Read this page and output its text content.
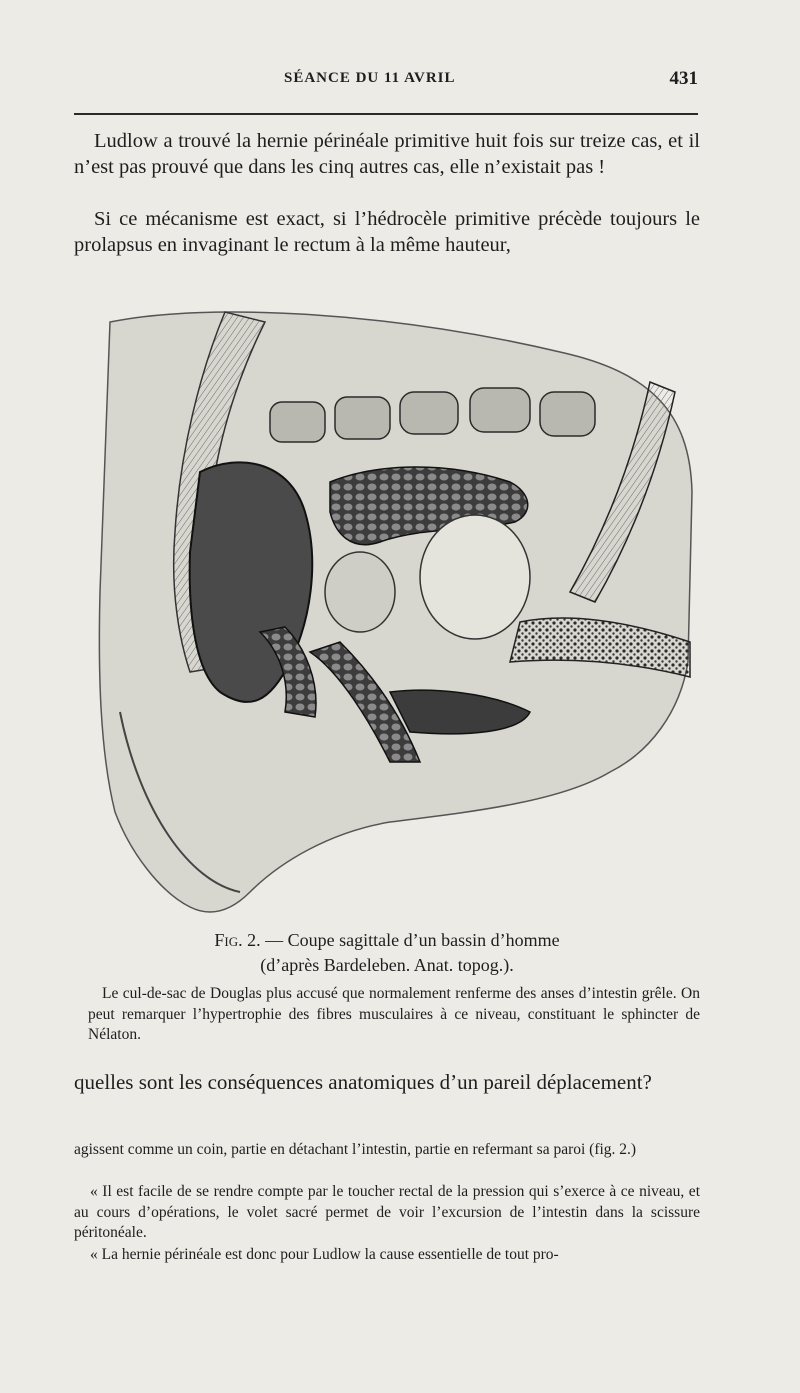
SÉANCE DU 11 AVRIL	431

Ludlow a trouvé la hernie périnéale primitive huit fois sur treize cas, et il n’est pas prouvé que dans les cinq autres cas, elle n’existait pas !

Si ce mécanisme est exact, si l’hédrocèle primitive précède toujours le prolapsus en invaginant le rectum à la même hauteur,

Fig. 2. — Coupe sagittale d’un bassin d’homme
(d’après Bardeleben. Anat. topog.).

Le cul-de-sac de Douglas plus accusé que normalement renferme des anses d’intestin grêle. On peut remarquer l’hypertrophie des fibres musculaires à ce niveau, constituant le sphincter de Nélaton.

quelles sont les conséquences anatomiques d’un pareil déplacement?

agissent comme un coin, partie en détachant l’intestin, partie en refermant sa paroi (fig. 2.)

« Il est facile de se rendre compte par le toucher rectal de la pression qui s’exerce à ce niveau, et au cours d’opérations, le volet sacré permet de voir l’excursion de l’intestin dans la scissure péritonéale.

« La hernie périnéale est donc pour Ludlow la cause essentielle de tout pro-
